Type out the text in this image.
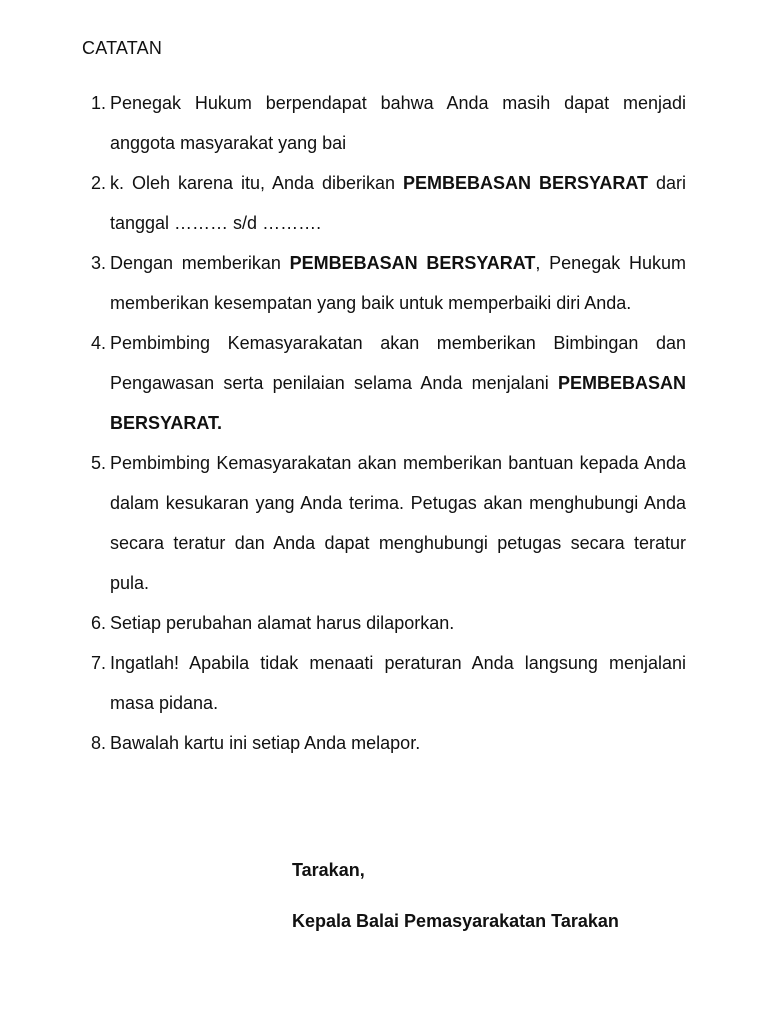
CATATAN
1. Penegak Hukum berpendapat bahwa Anda masih dapat menjadi anggota masyarakat yang bai
2. k. Oleh karena itu, Anda diberikan PEMBEBASAN BERSYARAT dari tanggal ……… s/d ……….
3. Dengan memberikan PEMBEBASAN BERSYARAT, Penegak Hukum memberikan kesempatan yang baik untuk memperbaiki diri Anda.
4. Pembimbing Kemasyarakatan akan memberikan Bimbingan dan Pengawasan serta penilaian selama Anda menjalani PEMBEBASAN BERSYARAT.
5. Pembimbing Kemasyarakatan akan memberikan bantuan kepada Anda dalam kesukaran yang Anda terima. Petugas akan menghubungi Anda secara teratur dan Anda dapat menghubungi petugas secara teratur pula.
6. Setiap perubahan alamat harus dilaporkan.
7. Ingatlah! Apabila tidak menaati peraturan Anda langsung menjalani masa pidana.
8. Bawalah kartu ini setiap Anda melapor.

Tarakan,

Kepala Balai Pemasyarakatan Tarakan
